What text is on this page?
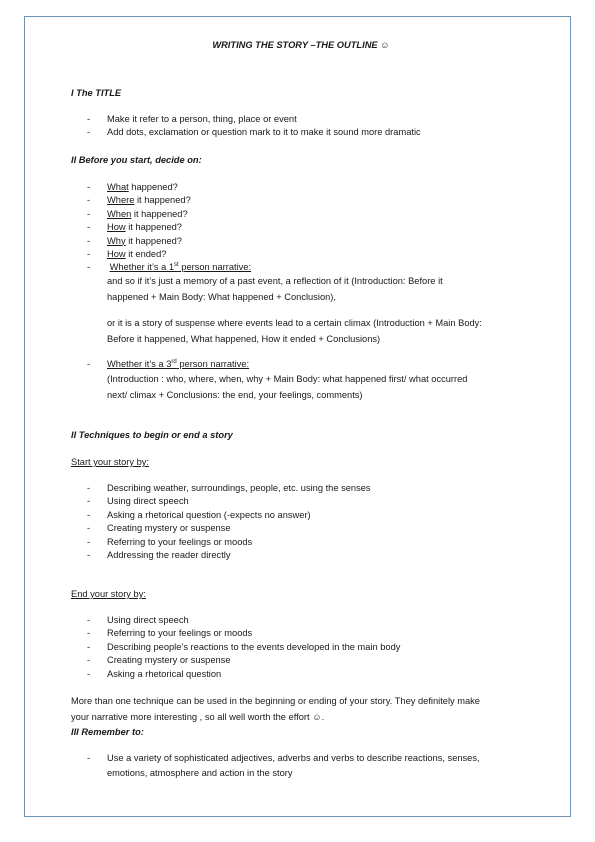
WRITING THE STORY –THE OUTLINE ☺
I The TITLE
- Make it refer to a person, thing, place or event
- Add dots, exclamation or question mark to it to make it sound more dramatic
II Before you start, decide on:
- What happened?
- Where it happened?
- When it happened?
- How it happened?
- Why it happened?
- How it ended?
- Whether it’s a 1st person narrative:
and so if it’s just a memory of a past event, a reflection of it (Introduction: Before it
happened + Main Body: What happened + Conclusion),
or it is a story of suspense where events lead to a certain climax (Introduction + Main Body:
Before it happened, What happened, How it ended + Conclusions)
- Whether it’s a 3rd person narrative:
(Introduction : who, where, when, why + Main Body: what happened first/ what occurred
next/ climax + Conclusions: the end, your feelings, comments)
II Techniques to begin or end a story
Start your story by:
- Describing weather, surroundings, people, etc. using the senses
- Using direct speech
- Asking a rhetorical question (-expects no answer)
- Creating mystery or suspense
- Referring to your feelings or moods
- Addressing the reader directly
End your story by:
- Using direct speech
- Referring to your feelings or moods
- Describing people’s reactions to the events developed in the main body
- Creating mystery or suspense
- Asking a rhetorical question
More than one technique can be used in the beginning or ending of your story. They definitely make
your narrative more interesting , so all well worth the effort ☺.
III Remember to:
- Use a variety of sophisticated adjectives, adverbs and verbs to describe reactions, senses,
emotions, atmosphere and action in the story
